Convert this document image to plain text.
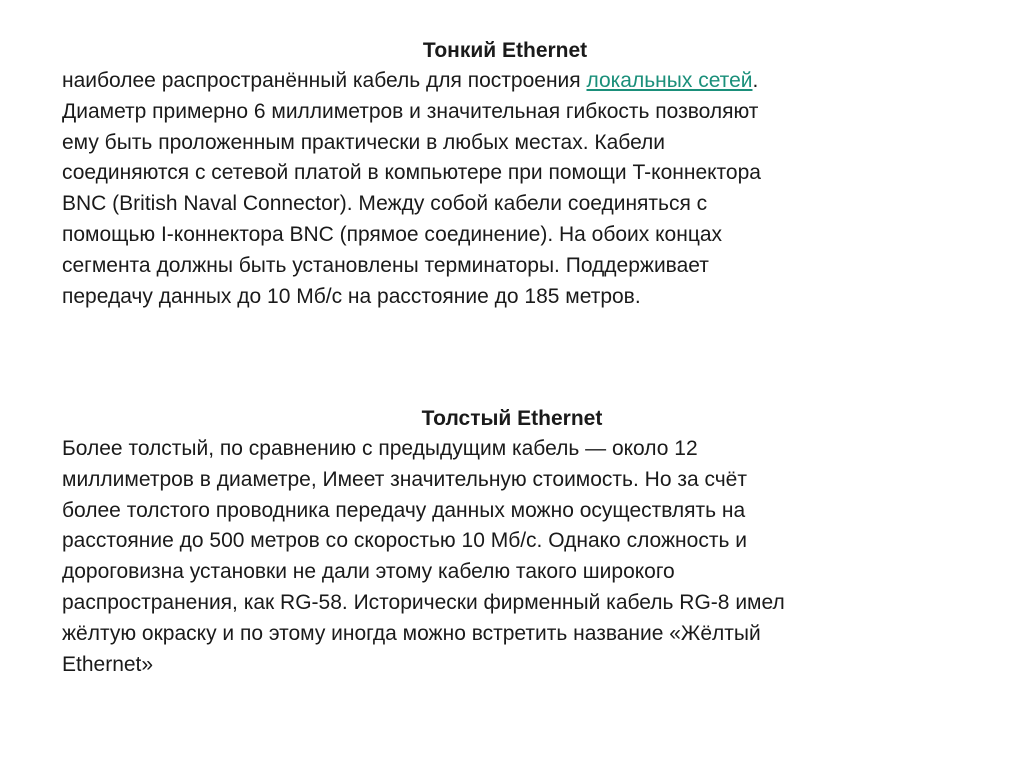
Тонкий Ethernet

наиболее распространённый кабель для построения локальных сетей.
Диаметр примерно 6 миллиметров и значительная гибкость позволяют
ему быть проложенным практически в любых местах. Кабели
соединяются с сетевой платой в компьютере при помощи T-коннектора
BNC (British Naval Connector). Между собой кабели соединяться с
помощью I-коннектора BNC (прямое соединение). На обоих концах
сегмента должны быть установлены терминаторы. Поддерживает
передачу данных до 10 Мб/с на расстояние до 185 метров.

Толстый Ethernet

Более толстый, по сравнению с предыдущим кабель — около 12
миллиметров в диаметре, Имеет значительную стоимость. Но за счёт
более толстого проводника передачу данных можно осуществлять на
расстояние до 500 метров со скоростью 10 Мб/с. Однако сложность и
дороговизна установки не дали этому кабелю такого широкого
распространения, как RG-58. Исторически фирменный кабель RG-8 имел
жёлтую окраску и по этому иногда можно встретить название «Жёлтый
Ethernet»
